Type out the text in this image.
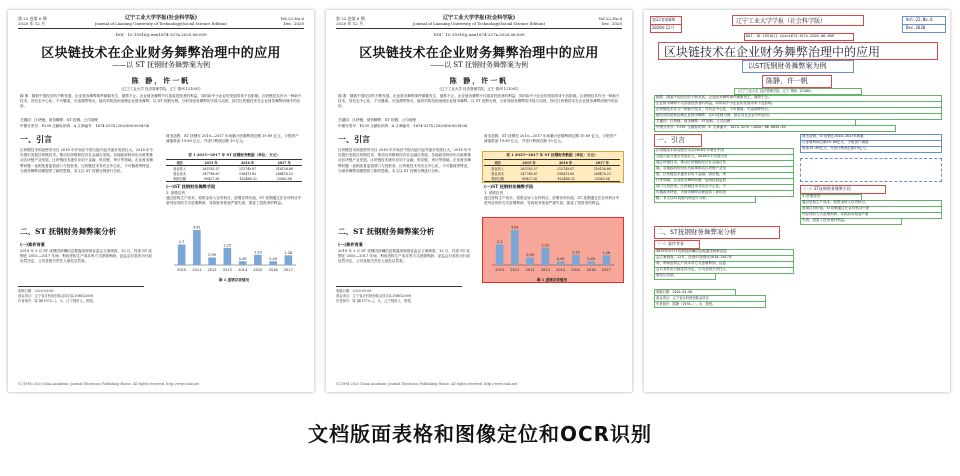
第 22 卷第 6 期
2020 年 12 月
辽宁工业大学学报(社会科学版)
Journal of Liaoning University of Technology(Social Science Edition)
Vol.22,No.6
Dec. 2020
DOI：10.15916/j.issn1674-327x.2020.06.009
区块链技术在企业财务舞弊治理中的应用
——以 ST 抚钢财务舞弊案为例
陈 静，许一帆
(辽宁工业大学 经济管理学院，辽宁 锦州 121001)
摘 要：随着中国经济的不断发展，企业财务舞弊事件频繁发生，屡禁不止。企业财务舞弊不仅损害投资者的利益，同时给中小企业的发展带来不良影响。区块链技术作为一种新兴技术，具有去中心化、不可篡改、可追溯等特点，能有效防范和治理企业财务舞弊。以 ST 抚钢为例，分析其财务舞弊的手段与动因，探讨区块链技术在企业财务舞弊治理中的应用。
关键词：区块链；财务舞弊；ST 抚钢；公司治理
中图分类号：F239 文献标识码：A 文章编号：1674-327X (2020)06-0034-04
一、引言
区块链技术和加密货币自 2016 年开始在中国大陆兴起并逐步发展壮大。2018 年中央提出发展区块链技术，推动区块链和经济社会融合发展。各地政府纷纷出台政策推动区块链产业发展，区块链技术逐步应用于金融、供应链、审计等领域。企业财务舞弊问题一直困扰着监管部门与投资者。区块链技术具有去中心化、不可篡改等特征，为财务舞弊治理提供了新的思路。本文以 ST 抚钢为例进行分析。
财务造假，ST 抚钢在 2010—2017 年间累计虚增利润总额 19.89 亿元，少报资产减值准备 19.89 亿元，并虚计利润总额 19 亿元。
表 1 2015—2017 年 ST 抚钢财务数据（单位：万元）
项目	2015 年	2016 年	2017 年
营业收入	265783.57	213749.87	316138.88
营业成本	247788.67	198411.60	268476.23
利润总额	-90427.36	-162488.32	25063.54
(一)ST 抚钢财务舞弊手段
1. 虚增存货
通过虚构生产成本，将资金转入存货科目，虚增存货价值，ST 抚钢通过在存货科目中虚列存货的方式虚增利润，导致财务报表严重失真，损害了投资者的利益。
2.7
2010
4.61
2011
0.99
2012
2.25
2013
0.49
2014
1.33
2015
0.49
2016
1.28
2017
图 1 虚增存货情况
二、ST 抚钢财务舞弊案分析
(一)案件背景
2019 年 3 月 ST 抚钢因涉嫌信息披露违规被证监会立案调查，12 月，经查 ST 抚钢在 2010—2017 年间，利用虚构生产成本等方式虚增利润，证监会对其作出行政处罚决定，公司及相关责任人被处以罚款。
收稿日期：2020-03-06
基金项目：辽宁省社科规划基金项目(L19BGL009)
作者简介：陈 静(1970—)，女，辽宁锦州人，教授。
(C)1994-2020 China Academic Journal Electronic Publishing House. All rights reserved. http://www.cnki.net
第 22 卷第 6 期
2020 年 12 月
辽宁工业大学学报(社会科学版)
Journal of Liaoning University of Technology(Social Science Edition)
Vol.22,No.6
Dec. 2020
DOI：10.15916/j.issn1674-327x.2020.06.009
区块链技术在企业财务舞弊治理中的应用
——以 ST 抚钢财务舞弊案为例
陈 静，许一帆
(辽宁工业大学 经济管理学院，辽宁 锦州 121001)
摘 要：随着中国经济的不断发展，企业财务舞弊事件频繁发生，屡禁不止。企业财务舞弊不仅损害投资者的利益，同时给中小企业的发展带来不良影响。区块链技术作为一种新兴技术，具有去中心化、不可篡改、可追溯等特点，能有效防范和治理企业财务舞弊。以 ST 抚钢为例，分析其财务舞弊的手段与动因，探讨区块链技术在企业财务舞弊治理中的应用。
关键词：区块链；财务舞弊；ST 抚钢；公司治理
中图分类号：F239 文献标识码：A 文章编号：1674-327X (2020)06-0034-04
一、引言
区块链技术和加密货币自 2016 年开始在中国大陆兴起并逐步发展壮大。2018 年中央提出发展区块链技术，推动区块链和经济社会融合发展。各地政府纷纷出台政策推动区块链产业发展，区块链技术逐步应用于金融、供应链、审计等领域。企业财务舞弊问题一直困扰着监管部门与投资者。区块链技术具有去中心化、不可篡改等特征，为财务舞弊治理提供了新的思路。本文以 ST 抚钢为例进行分析。
财务造假，ST 抚钢在 2010—2017 年间累计虚增利润总额 19.89 亿元，少报资产减值准备 19.89 亿元，并虚计利润总额 19 亿元。
表 1 2015—2017 年 ST 抚钢财务数据（单位：万元）
项目	2015 年	2016 年	2017 年
营业收入	265783.57	213749.87	316138.88
营业成本	247788.67	198411.60	268476.23
利润总额	-90427.36	-162488.32	25063.54
(一)ST 抚钢财务舞弊手段
1. 虚增存货
通过虚构生产成本，将资金转入存货科目，虚增存货价值，ST 抚钢通过在存货科目中虚列存货的方式虚增利润，导致财务报表严重失真，损害了投资者的利益。
2.7
2010
4.61
2011
0.99
2012
2.25
2013
0.49
2014
1.33
2015
0.49
2016
1.28
2017
图 1 虚增存货情况
二、ST 抚钢财务舞弊案分析
(一)案件背景
2019 年 3 月 ST 抚钢因涉嫌信息披露违规被证监会立案调查，12 月，经查 ST 抚钢在 2010—2017 年间，利用虚构生产成本等方式虚增利润，证监会对其作出行政处罚决定，公司及相关责任人被处以罚款。
收稿日期：2020-03-06
基金项目：辽宁省社科规划基金项目(L19BGL009)
作者简介：陈 静(1970—)，女，辽宁锦州人，教授。
(C)1994-2020 China Academic Journal Electronic Publishing House. All rights reserved. http://www.cnki.net
第22卷第6期
2020年12月
辽宁工业大学学报（社会科学版）	Vol.22,No.6
Dec.2020
DOI：10.15916/j.issn1674-327x.2020.06.009
区块链技术在企业财务舞弊治理中的应用
以ST抚钢财务舞弊案为例
陈静，许一帆
（辽宁工业大学 经济管理学院，辽宁 锦州 121001）
摘要：随着中国经济的不断发展，企业财务舞弊事件频繁发生，屡禁不止。
企业财务舞弊不仅损害投资者的利益，同时给中小企业的发展带来不良影响。
区块链技术作为一种新兴技术，具有去中心化、不可篡改、可追溯等特点，
能有效防范和治理企业财务舞弊。以ST抚钢为例，探讨其在企业中的应用。
关键词：区块链；财务舞弊；ST抚钢；公司治理
中图分类号：F239 文献标识码：A 文章编号：1674-327X（2020）06-0034-04
一、引言
区块链技术和加密货币自2016年开始在中国
大陆兴起并逐步发展壮大。2018年中央提出发
展区块链技术，推动区块链和经济社会融合发
展。各地政府纷纷出台政策推动区块链产业发
展，区块链技术逐步应用于金融、供应链、审
计等领域。企业财务舞弊问题一直困扰着监管
部门与投资者。区块链技术具有去中心化、不
可篡改等特征，为财务舞弊治理提供了新的思
路。本文以ST抚钢为例进行分析。
财务造假，ST抚钢在2010—2017年间累
计虚增利润总额19.89亿元，少报资产减值
准备19.89亿元，并虚计利润总额19亿元。
（一）ST抚钢财务舞弊手段
1.虚增存货
通过虚构生产成本，将资金转入存货科目，
虚增存货价值，ST抚钢通过在存货科目中虚
列存货的方式虚增利润，导致财务报表严重
失真，损害了投资者的利益。
二、ST抚钢财务舞弊案分析
（一）案件背景
2019年3月ST抚钢因涉嫌信息披露违规被证监
会立案调查，12月，经查ST抚钢在2010—2017年
间，利用虚构生产成本等方式虚增利润，证监
会对其作出行政处罚决定，公司及相关责任人
被处以罚款。
收稿日期：2020-03-06
基金项目：辽宁省社科规划基金项目
作者简介：陈静（1970—），女，教授。
文档版面表格和图像定位和OCR识别
